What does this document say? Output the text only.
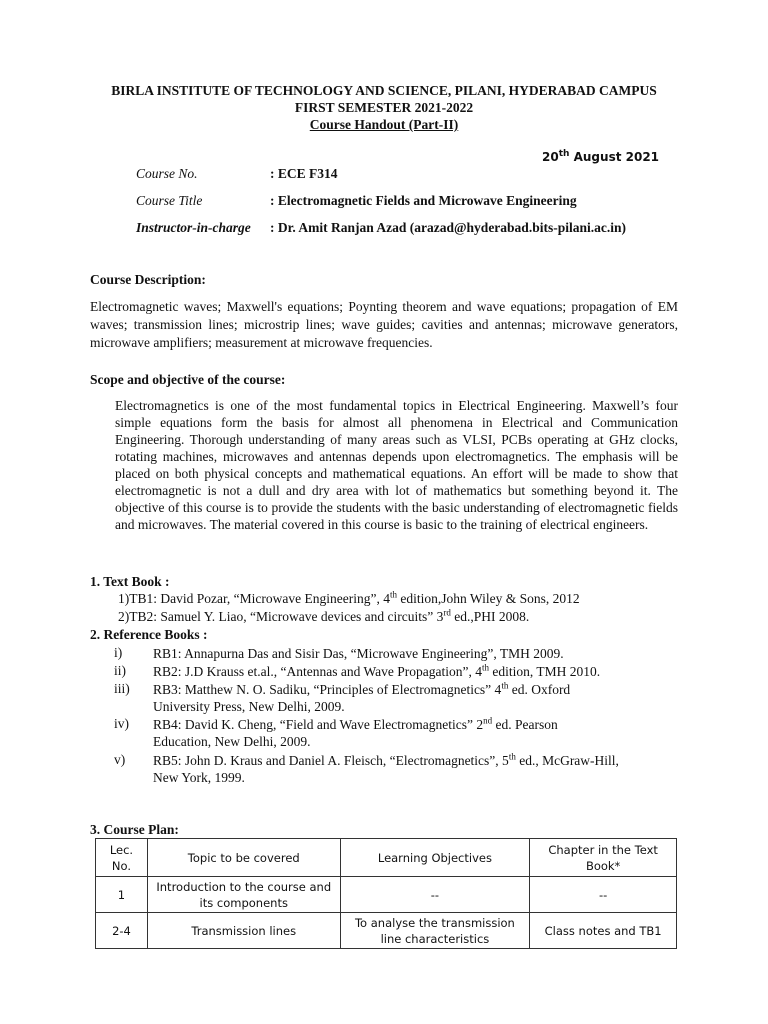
BIRLA INSTITUTE OF TECHNOLOGY AND SCIENCE, PILANI, HYDERABAD CAMPUS
FIRST SEMESTER 2021-2022
Course Handout (Part-II)
20th August 2021
Course No.	: ECE F314
Course Title	: Electromagnetic Fields and Microwave Engineering
Instructor-in-charge : Dr. Amit Ranjan Azad (arazad@hyderabad.bits-pilani.ac.in)
Course Description:
Electromagnetic waves; Maxwell's equations; Poynting theorem and wave equations; propagation of EM waves; transmission lines; microstrip lines; wave guides; cavities and antennas; microwave generators, microwave amplifiers; measurement at microwave frequencies.
Scope and objective of the course:
Electromagnetics is one of the most fundamental topics in Electrical Engineering. Maxwell’s four simple equations form the basis for almost all phenomena in Electrical and Communication Engineering. Thorough understanding of many areas such as VLSI, PCBs operating at GHz clocks, rotating machines, microwaves and antennas depends upon electromagnetics. The emphasis will be placed on both physical concepts and mathematical equations. An effort will be made to show that electromagnetic is not a dull and dry area with lot of mathematics but something beyond it. The objective of this course is to provide the students with the basic understanding of electromagnetic fields and microwaves. The material covered in this course is basic to the training of electrical engineers.
1. Text Book :
1)TB1: David Pozar, “Microwave Engineering”, 4th edition,John Wiley & Sons, 2012
2)TB2: Samuel Y. Liao, “Microwave devices and circuits” 3rd ed.,PHI 2008.
2. Reference Books :
i) RB1: Annapurna Das and Sisir Das, “Microwave Engineering”, TMH 2009.
ii) RB2: J.D Krauss et.al., “Antennas and Wave Propagation”, 4th edition, TMH 2010.
iii) RB3: Matthew N. O. Sadiku, “Principles of Electromagnetics” 4th ed. Oxford
University Press, New Delhi, 2009.
iv) RB4: David K. Cheng, “Field and Wave Electromagnetics” 2nd ed. Pearson
Education, New Delhi, 2009.
v) RB5: John D. Kraus and Daniel A. Fleisch, “Electromagnetics”, 5th ed., McGraw-Hill,
New York, 1999.
3. Course Plan:
Lec. No.	Topic to be covered	Learning Objectives	Chapter in the Text Book*
1	Introduction to the course and its components	--	--
2-4	Transmission lines	To analyse the transmission line characteristics	Class notes and TB1
